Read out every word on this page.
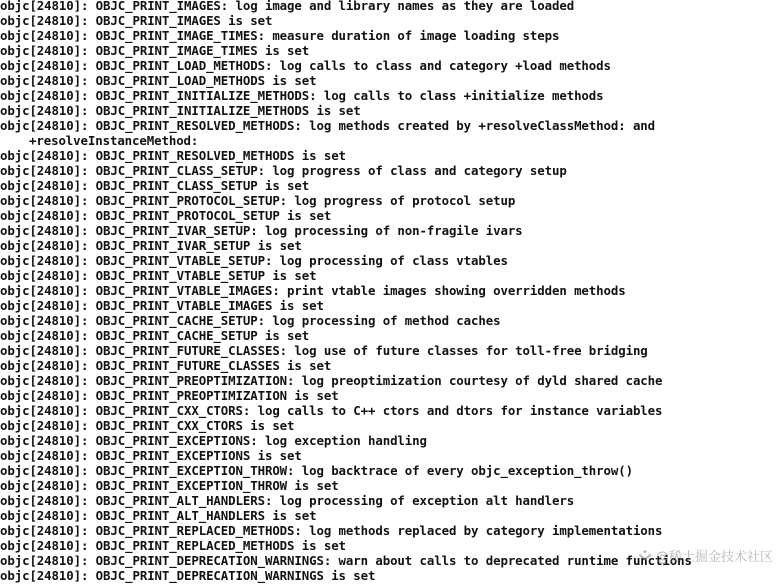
objc[24810]: OBJC_PRINT_IMAGES: log image and library names as they are loaded
objc[24810]: OBJC_PRINT_IMAGES is set
objc[24810]: OBJC_PRINT_IMAGE_TIMES: measure duration of image loading steps
objc[24810]: OBJC_PRINT_IMAGE_TIMES is set
objc[24810]: OBJC_PRINT_LOAD_METHODS: log calls to class and category +load methods
objc[24810]: OBJC_PRINT_LOAD_METHODS is set
objc[24810]: OBJC_PRINT_INITIALIZE_METHODS: log calls to class +initialize methods
objc[24810]: OBJC_PRINT_INITIALIZE_METHODS is set
objc[24810]: OBJC_PRINT_RESOLVED_METHODS: log methods created by +resolveClassMethod: and
+resolveInstanceMethod:
objc[24810]: OBJC_PRINT_RESOLVED_METHODS is set
objc[24810]: OBJC_PRINT_CLASS_SETUP: log progress of class and category setup
objc[24810]: OBJC_PRINT_CLASS_SETUP is set
objc[24810]: OBJC_PRINT_PROTOCOL_SETUP: log progress of protocol setup
objc[24810]: OBJC_PRINT_PROTOCOL_SETUP is set
objc[24810]: OBJC_PRINT_IVAR_SETUP: log processing of non-fragile ivars
objc[24810]: OBJC_PRINT_IVAR_SETUP is set
objc[24810]: OBJC_PRINT_VTABLE_SETUP: log processing of class vtables
objc[24810]: OBJC_PRINT_VTABLE_SETUP is set
objc[24810]: OBJC_PRINT_VTABLE_IMAGES: print vtable images showing overridden methods
objc[24810]: OBJC_PRINT_VTABLE_IMAGES is set
objc[24810]: OBJC_PRINT_CACHE_SETUP: log processing of method caches
objc[24810]: OBJC_PRINT_CACHE_SETUP is set
objc[24810]: OBJC_PRINT_FUTURE_CLASSES: log use of future classes for toll-free bridging
objc[24810]: OBJC_PRINT_FUTURE_CLASSES is set
objc[24810]: OBJC_PRINT_PREOPTIMIZATION: log preoptimization courtesy of dyld shared cache
objc[24810]: OBJC_PRINT_PREOPTIMIZATION is set
objc[24810]: OBJC_PRINT_CXX_CTORS: log calls to C++ ctors and dtors for instance variables
objc[24810]: OBJC_PRINT_CXX_CTORS is set
objc[24810]: OBJC_PRINT_EXCEPTIONS: log exception handling
objc[24810]: OBJC_PRINT_EXCEPTIONS is set
objc[24810]: OBJC_PRINT_EXCEPTION_THROW: log backtrace of every objc_exception_throw()
objc[24810]: OBJC_PRINT_EXCEPTION_THROW is set
objc[24810]: OBJC_PRINT_ALT_HANDLERS: log processing of exception alt handlers
objc[24810]: OBJC_PRINT_ALT_HANDLERS is set
objc[24810]: OBJC_PRINT_REPLACED_METHODS: log methods replaced by category implementations
objc[24810]: OBJC_PRINT_REPLACED_METHODS is set
objc[24810]: OBJC_PRINT_DEPRECATION_WARNINGS: warn about calls to deprecated runtime functions
objc[24810]: OBJC_PRINT_DEPRECATION_WARNINGS is set
@稀土掘金技术社区
